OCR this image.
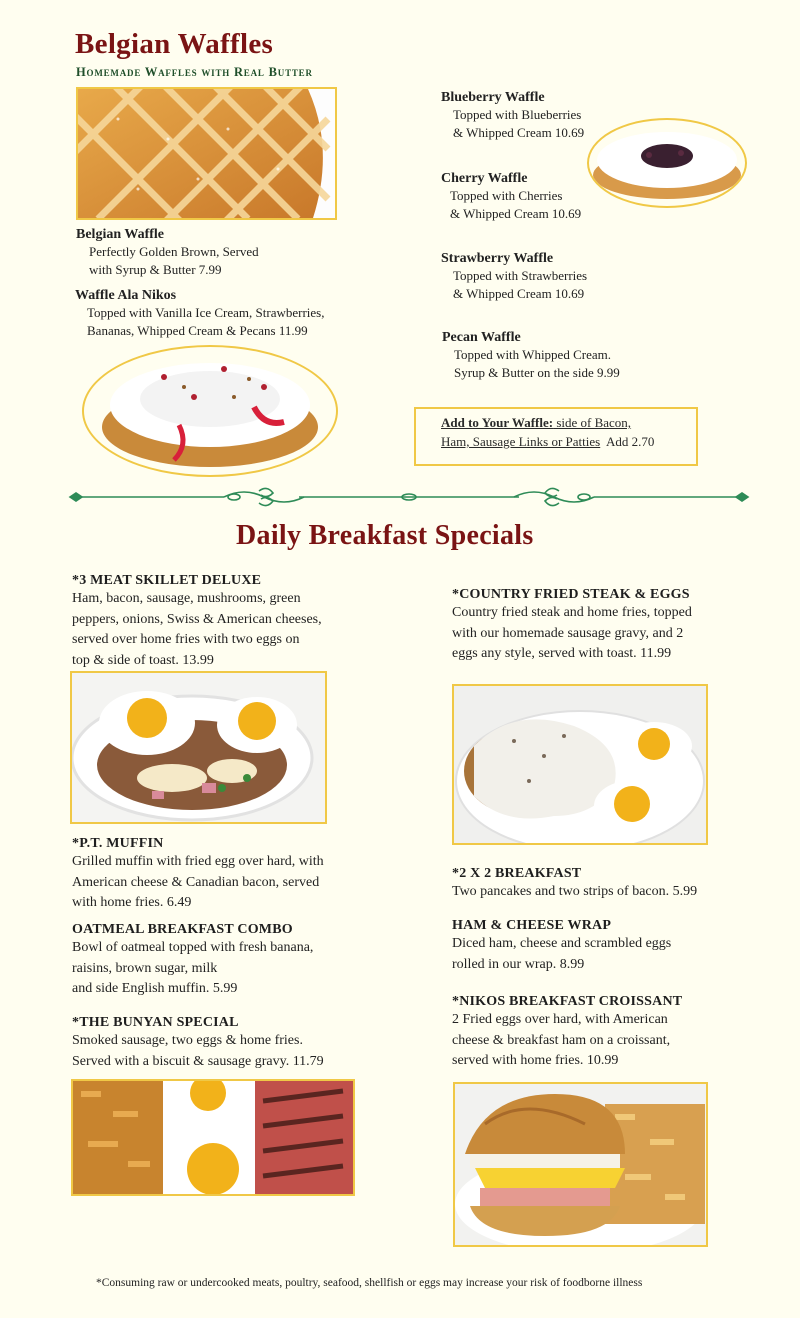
Belgian Waffles
Homemade Waffles with Real Butter
Belgian Waffle
Perfectly Golden Brown, Served
with Syrup & Butter 7.99
Waffle Ala Nikos
Topped with Vanilla Ice Cream, Strawberries,
Bananas, Whipped Cream & Pecans 11.99
Blueberry Waffle
Topped with Blueberries
& Whipped Cream 10.69
Cherry Waffle
Topped with Cherries
& Whipped Cream 10.69
Strawberry Waffle
Topped with Strawberries
& Whipped Cream 10.69
Pecan Waffle
Topped with Whipped Cream.
Syrup & Butter on the side 9.99
Add to Your Waffle: side of Bacon,
Ham, Sausage Links or Patties  Add 2.70
Daily Breakfast Specials
*3 MEAT SKILLET DELUXE
Ham, bacon, sausage, mushrooms, green
peppers, onions, Swiss & American cheeses,
served over home fries with two eggs on
top & side of toast. 13.99
*P.T. MUFFIN
Grilled muffin with fried egg over hard, with
American cheese & Canadian bacon, served
with home fries. 6.49
OATMEAL BREAKFAST COMBO
Bowl of oatmeal topped with fresh banana,
raisins, brown sugar, milk
and side English muffin. 5.99
*THE BUNYAN SPECIAL
Smoked sausage, two eggs & home fries.
Served with a biscuit & sausage gravy. 11.79
*COUNTRY FRIED STEAK & EGGS
Country fried steak and home fries, topped
with our homemade sausage gravy, and 2
eggs any style, served with toast. 11.99
*2 X 2 BREAKFAST
Two pancakes and two strips of bacon. 5.99
HAM & CHEESE WRAP
Diced ham, cheese and scrambled eggs
rolled in our wrap. 8.99
*NIKOS BREAKFAST CROISSANT
2 Fried eggs over hard, with American
cheese & breakfast ham on a croissant,
served with home fries. 10.99
*Consuming raw or undercooked meats, poultry, seafood, shellfish or eggs may increase your risk of foodborne illness
